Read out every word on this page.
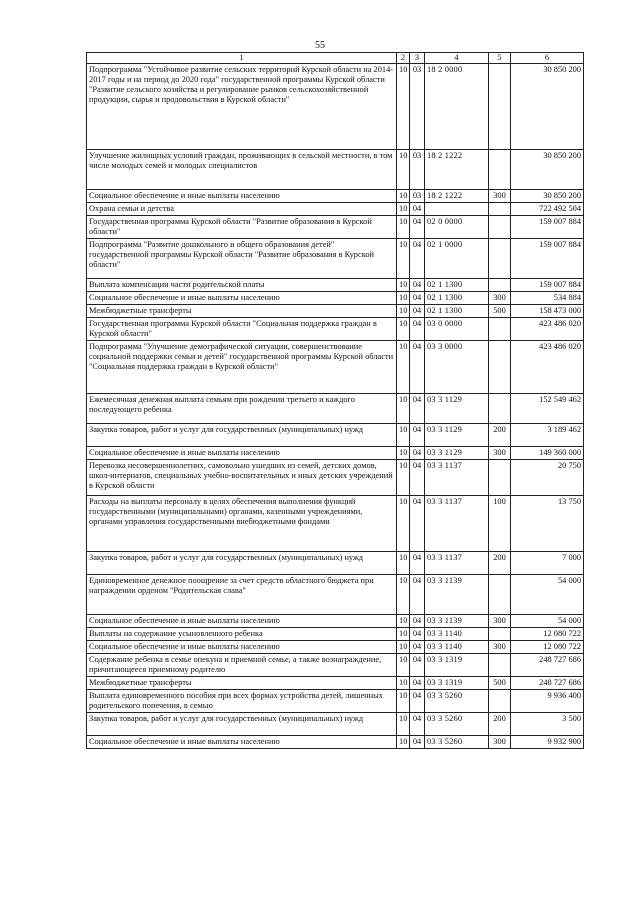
55
1	2	3	4	5	6
Подпрограмма "Устойчивое развитие сельских территорий Курской области на 2014-2017 годы и на период до 2020 года" государственной программы Курской области "Развитие сельского хозяйства и регулирование рынков сельскохозяйственной продукции, сырья и продовольствия в Курской области"	10	03	18 2 0000		30 850 200
Улучшение жилищных условий граждан, проживающих в сельской местности, в том числе молодых семей и молодых специалистов	10	03	18 2 1222		30 850 200
Социальное обеспечение и иные выплаты населению	10	03	18 2 1222	300	30 850 200
Охрана семьи и детства	10	04			722 492 504
Государственная программа Курской области "Развитие образования в Курской области"	10	04	02 0 0000		159 007 884
Подпрограмма "Развитие дошкольного и общего образования детей" государственной программы Курской области "Развитие образования в Курской области"	10	04	02 1 0000		159 007 884
Выплата компенсации части родительской платы	10	04	02 1 1300		159 007 884
Социальное обеспечение и иные выплаты населению	10	04	02 1 1300	300	534 884
Межбюджетные трансферты	10	04	02 1 1300	500	158 473 000
Государственная программа Курской области "Социальная поддержка граждан в Курской области"	10	04	03 0 0000		423 486 020
Подпрограмма "Улучшение демографической ситуации, совершенствование социальной поддержки семьи и детей" государственной программы Курской области "Социальная поддержка граждан в Курской области"	10	04	03 3 0000		423 486 020
Ежемесячная денежная выплата семьям при рождении третьего и каждого последующего ребенка	10	04	03 3 1129		152 549 462
Закупка товаров, работ и услуг для государственных (муниципальных) нужд	10	04	03 3 1129	200	3 189 462
Социальное обеспечение и иные выплаты населению	10	04	03 3 1129	300	149 360 000
Перевозка несовершеннолетних, самовольно ушедших из семей, детских домов, школ-интернатов, специальных учебно-воспитательных и иных детских учреждений в Курской области	10	04	03 3 1137		20 750
Расходы на выплаты персоналу в целях обеспечения выполнения функций государственными (муниципальными) органами, казенными учреждениями, органами управления государственными внебюджетными фондами	10	04	03 3 1137	100	13 750
Закупка товаров, работ и услуг для государственных (муниципальных) нужд	10	04	03 3 1137	200	7 000
Единовременное денежное поощрение за счет средств областного бюджета при награждении орденом "Родительская слава"	10	04	03 3 1139		54 000
Социальное обеспечение и иные выплаты населению	10	04	03 3 1139	300	54 000
Выплаты на содержание усыновленного ребенка	10	04	03 3 1140		12 080 722
Социальное обеспечение и иные выплаты населению	10	04	03 3 1140	300	12 080 722
Содержание ребенка в семье опекуна и приемной семье, а также вознаграждение, причитающееся приемному родителю	10	04	03 3 1319		248 727 686
Межбюджетные трансферты	10	04	03 3 1319	500	248 727 686
Выплата единовременного пособия при всех формах устройства детей, лишенных родительского попечения, в семью	10	04	03 3 5260		9 936 400
Закупка товаров, работ и услуг для государственных (муниципальных) нужд	10	04	03 3 5260	200	3 500
Социальное обеспечение и иные выплаты населению	10	04	03 3 5260	300	9 932 900
